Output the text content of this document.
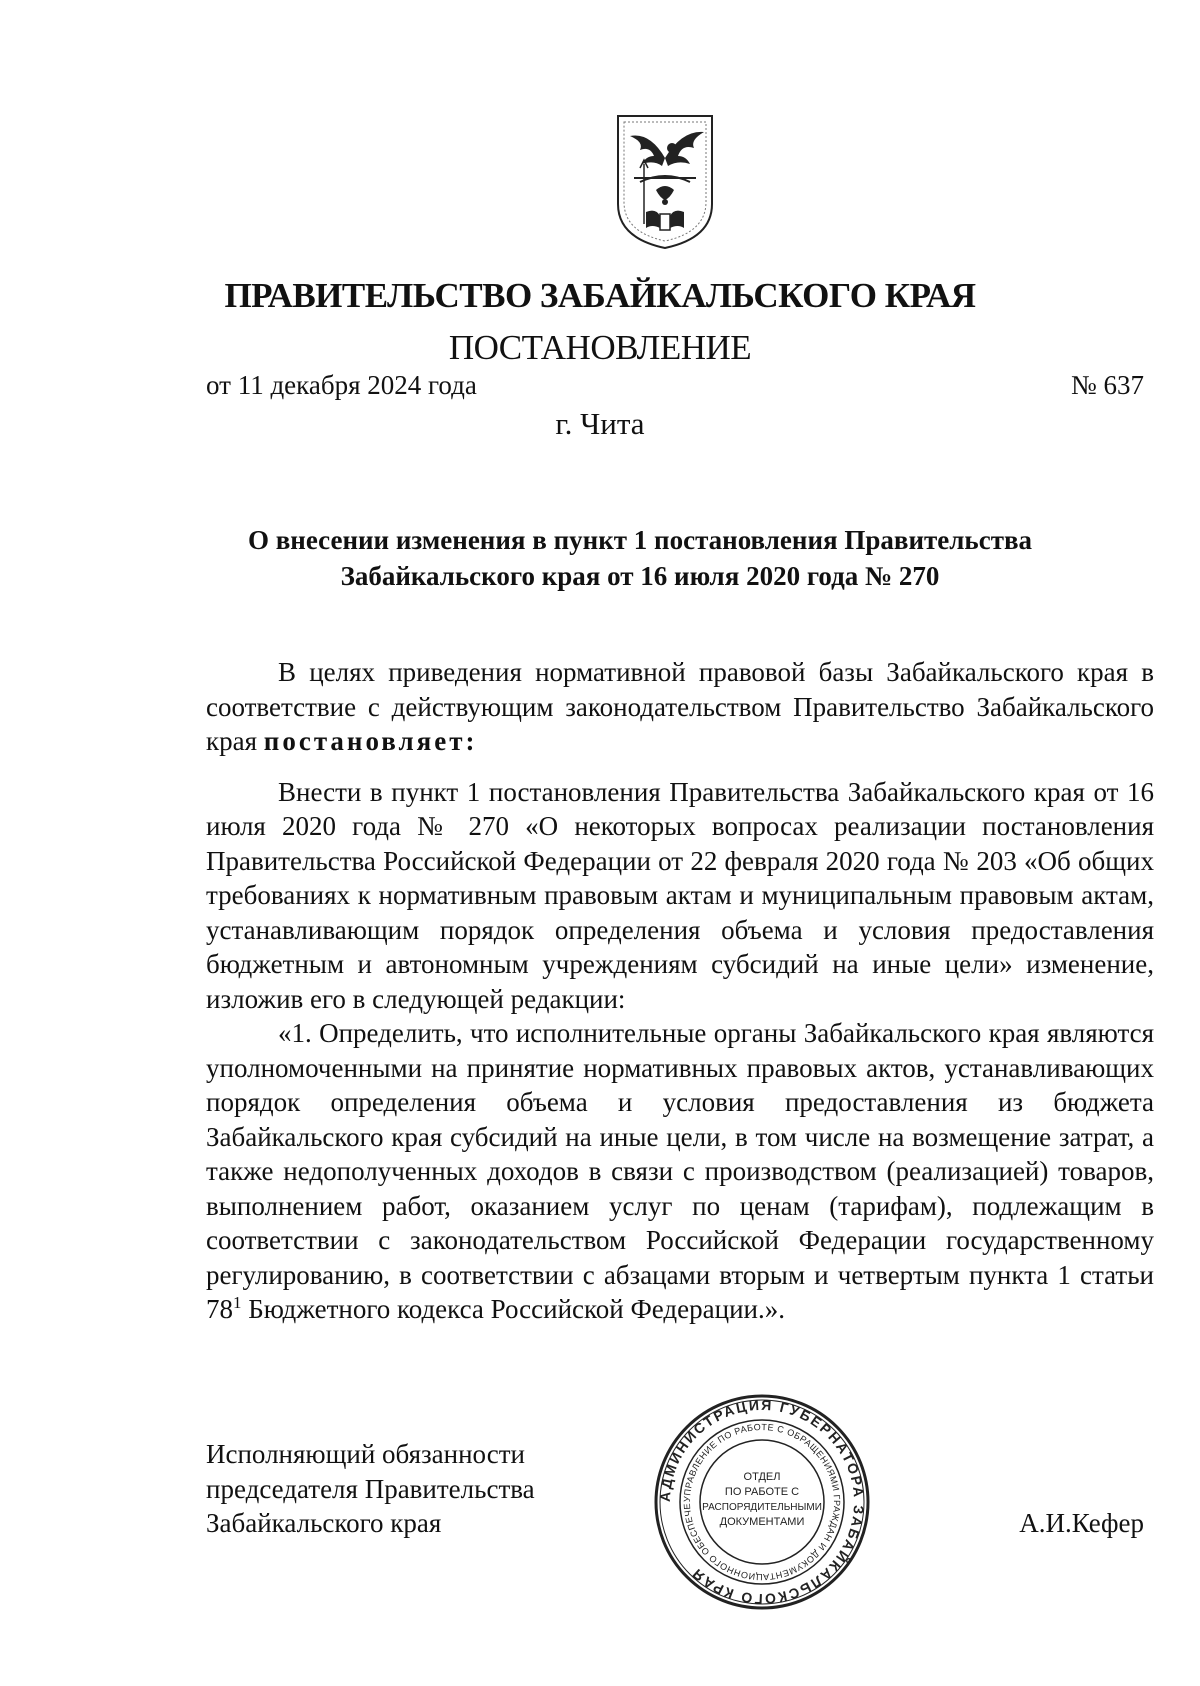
ПРАВИТЕЛЬСТВО ЗАБАЙКАЛЬСКОГО КРАЯ
ПОСТАНОВЛЕНИЕ
от 11 декабря 2024 года	№ 637
г. Чита
О внесении изменения в пункт 1 постановления Правительства
Забайкальского края от 16 июля 2020 года № 270

В целях приведения нормативной правовой базы Забайкальского края в соответствие с действующим законодательством Правительство Забайкальского края постановляет:

Внести в пункт 1 постановления Правительства Забайкальского края от 16 июля 2020 года № 270 «О некоторых вопросах реализации постановления Правительства Российской Федерации от 22 февраля 2020 года № 203 «Об общих требованиях к нормативным правовым актам и муниципальным правовым актам, устанавливающим порядок определения объема и условия предоставления бюджетным и автономным учреждениям субсидий на иные цели» изменение, изложив его в следующей редакции:

«1. Определить, что исполнительные органы Забайкальского края являются уполномоченными на принятие нормативных правовых актов, устанавливающих порядок определения объема и условия предоставления из бюджета Забайкальского края субсидий на иные цели, в том числе на возмещение затрат, а также недополученных доходов в связи с производством (реализацией) товаров, выполнением работ, оказанием услуг по ценам (тарифам), подлежащим в соответствии с законодательством Российской Федерации государственному регулированию, в соответствии с абзацами вторым и четвертым пункта 1 статьи $78^1$ Бюджетного кодекса Российской Федерации.».

Исполняющий обязанности
председателя Правительства
Забайкальского края
АДМИНИСТРАЦИЯ ГУБЕРНАТОРА ЗАБАЙКАЛЬСКОГО КРАЯ
УПРАВЛЕНИЕ ПО РАБОТЕ С ОБРАЩЕНИЯМИ ГРАЖДАН И ДОКУМЕНТАЦИОННОГО ОБЕСПЕЧЕ
ОТДЕЛ
ПО РАБОТЕ С
РАСПОРЯДИТЕЛЬНЫМИ
ДОКУМЕНТАМИ	А.И.Кефер
